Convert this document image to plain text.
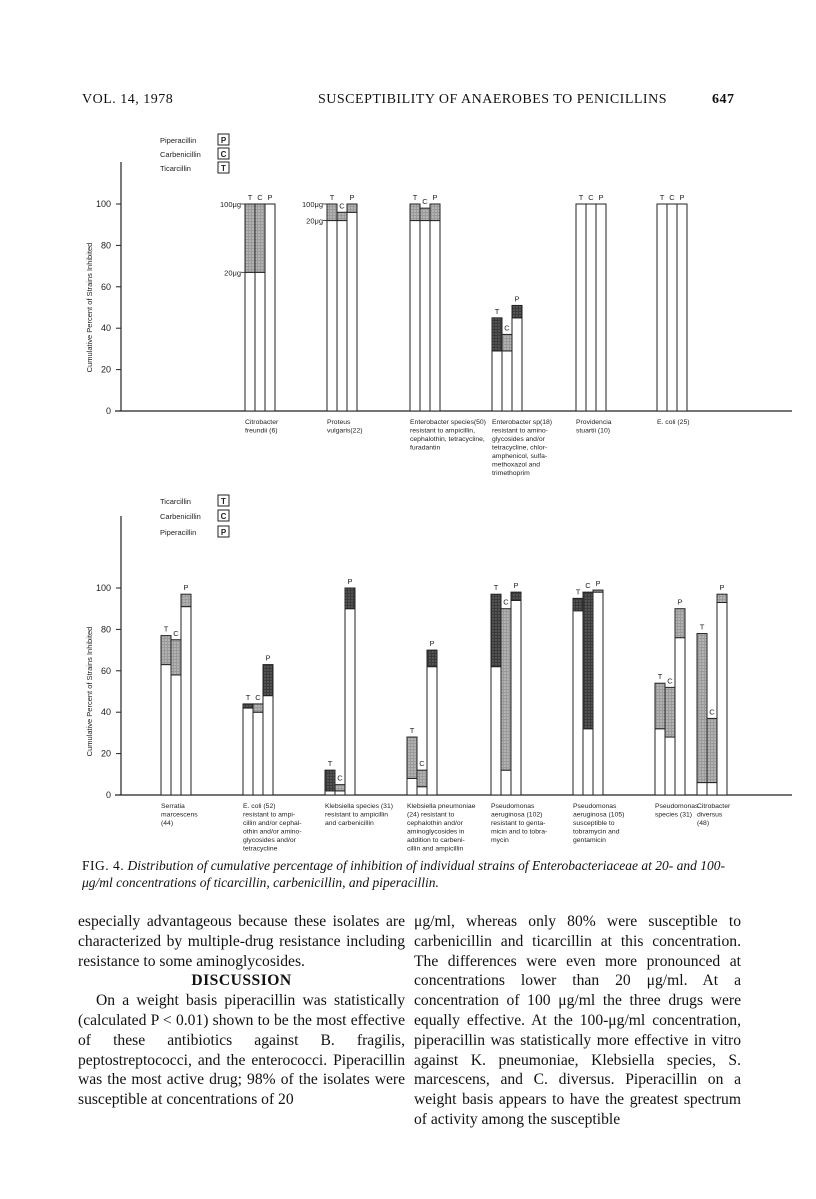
VOL. 14, 1978	SUSCEPTIBILITY OF ANAEROBES TO PENICILLINS	647
0
20
40
60
80
100
Cumulative Percent of Strains Inhibited
Piperacillin	P
Carbenicillin C
Ticarcillin	T
T C P
100μg
20μg
Citrobacter
freundii (6)
T
C
P
100μg
20μg
Proteus
vulgaris(22)
T C P
Enterobacter species(50)
resistant to ampicillin,
cephalothin, tetracycline,
furadantin
T
C
P
Enterobacter sp(18)
resistant to amino-
glycosides and/or
tetracycline, chlor-
amphenicol, sulfa-
methoxazol and
trimethoprim
T C P
Providencia
stuartii (10)
T C P
E. coli (25)
0
20
40
60
80
100
Cumulative Percent of Strains Inhibited
Ticarcillin	T
Carbenicillin C
Piperacillin	P
T C
P
Serratia
marcescens
(44)
T C
P
E. coli (52)
resistant to ampi-
cillin and/or cephal-
othin and/or amino-
glycosides and/or
tetracycline
T
C
P
Klebsiella species (31)
resistant to ampicillin
and carbenicillin
T
C
P
Klebsiella pneumoniae
(24) resistant to
cephalothin and/or
aminoglycosides in
addition to carbeni-
cillin and ampicillin
T
C
P
Pseudomonas
aeruginosa (102)
resistant to genta-
micin and to tobra-
mycin
T
C P
Pseudomonas
aeruginosa (105)
susceptible to
tobramycin and
gentamicin
T C
P
Pseudomonas
species (31)
T
C
P
Citrobacter
diversus
(48)
FIG. 4. Distribution of cumulative percentage of inhibition of individual strains of Enterobacteriaceae at 20- and 100-μg/ml concentrations of ticarcillin, carbenicillin, and piperacillin.

especially advantageous because these isolates are characterized by multiple-drug resistance including resistance to some aminoglycosides.

DISCUSSION

On a weight basis piperacillin was statistically (calculated P < 0.01) shown to be the most effective of these antibiotics against B. fragilis, peptostreptococci, and the enterococci. Piperacillin was the most active drug; 98% of the isolates were susceptible at concentrations of 20

μg/ml, whereas only 80% were susceptible to carbenicillin and ticarcillin at this concentration. The differences were even more pronounced at concentrations lower than 20 μg/ml. At a concentration of 100 μg/ml the three drugs were equally effective. At the 100-μg/ml concentration, piperacillin was statistically more effective in vitro against K. pneumoniae, Klebsiella species, S. marcescens, and C. diversus. Piperacillin on a weight basis appears to have the greatest spectrum of activity among the susceptible
